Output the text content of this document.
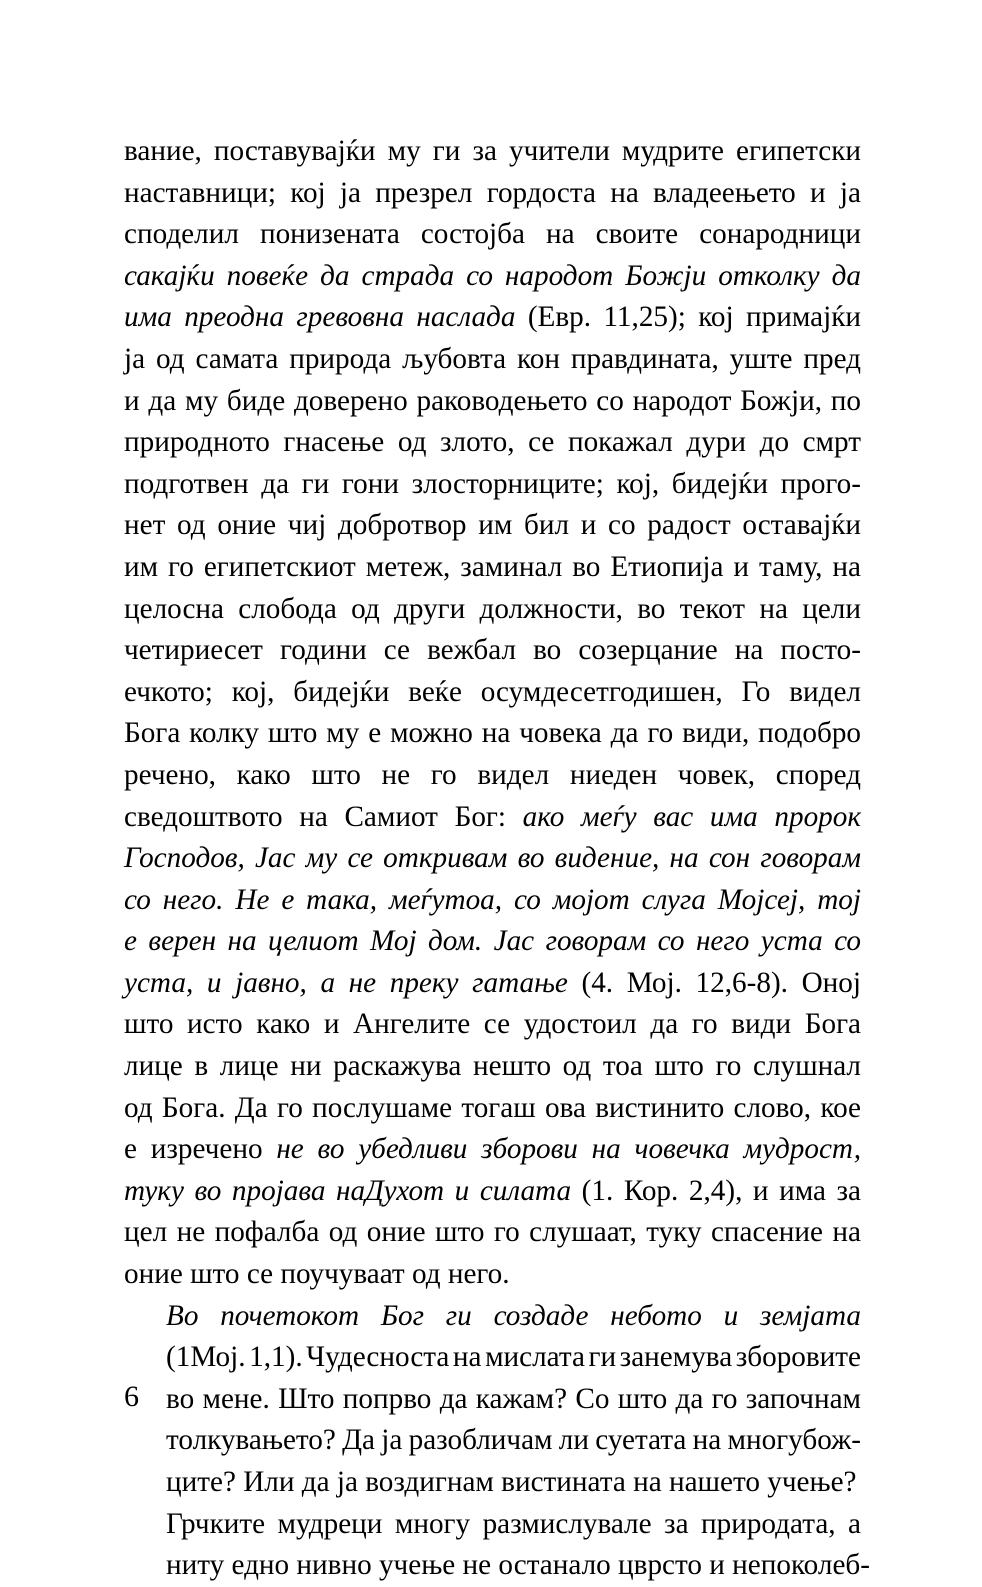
вание, поставувајќи му ги за учители мудрите египетски
наставници; кој ја презрел гордоста на владеењето и ја
споделил понизената состојба на своите сонародници
сакајќи повеќе да страда со народот Божји отколку да
има преодна гревовна наслада (Евр. 11,25); кој примајќи
ја од самата природа љубовта кон правдината, уште пред
и да му биде доверено раководењето со народот Божји, по
природното гнасење од злото, се покажал дури до смрт
подготвен да ги гони злосторниците; кој, бидејќи прого-
нет од оние чиј добротвор им бил и со радост оставајќи
им го египетскиот метеж, заминал во Етиопија и таму, на
целосна слобода од други должности, во текот на цели
четириесет години се вежбал во созерцание на посто-
ечкото; кој, бидејќи веќе осумдесетгодишен, Го видел
Бога колку што му е можно на човека да го види, подобро
речено, како што не го видел ниеден човек, според
сведоштвото на Самиот Бог: ако меѓу вас има пророк
Господов, Јас му се откривам во видение, на сон говорам
со него. Не е така, меѓутоа, со мојот слуга Мојсеј, тој
е верен на целиот Мој дом. Јас говорам со него уста со
уста, и јавно, а не преку гатање (4. Мој. 12,6-8). Оној
што исто како и Ангелите се удостоил да го види Бога
лице в лице ни раскажува нешто од тоа што го слушнал
од Бога. Да го послушаме тогаш ова вистинито слово, кое
е изречено не во убедливи зборови на човечка мудрост,
туку во пројава наДухот и силата (1. Кор. 2,4), и има за
цел не пофалба од оние што го слушаат, туку спасение на
оние што се поучуваат од него.
Во почетокот Бог ги создаде небото и земјата
(1Мој. 1,1). Чудесноста на мислата ги занемува зборовите
во мене. Што попрво да кажам? Со што да го започнам
толкувањето? Да ја разобличам ли суетата на многубож-
ците? Или да ја воздигнам вистината на нашето учење?
Грчките мудреци многу размислувале за природата, а
ниту едно нивно учење не останало цврсто и непоколеб-
6
